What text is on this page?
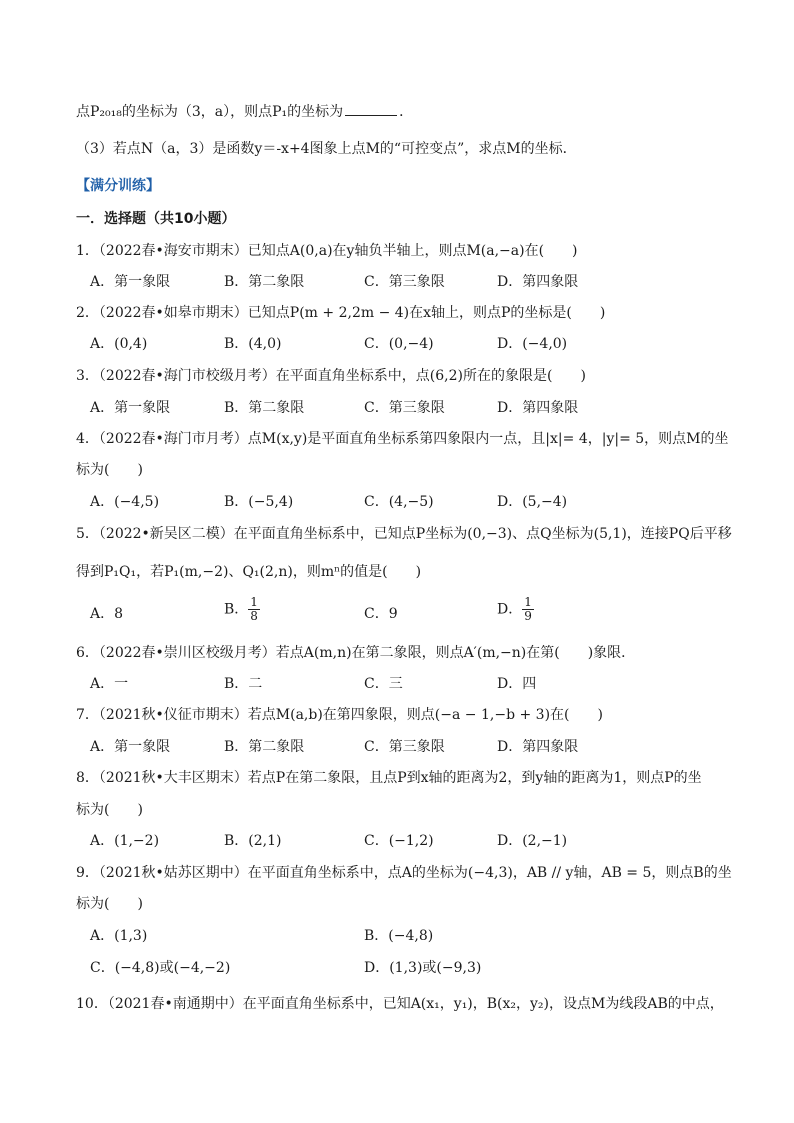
点P₂₀₁₈的坐标为（3，a），则点P₁的坐标为	．
（3）若点N（a，3）是函数y＝-x+4图象上点M的“可控变点”，求点M的坐标．
【满分训练】
一．选择题（共10小题）
1．（2022春•海安市期末）已知点A(0,a)在y轴负半轴上，则点M(a,−a)在(　　)
A．第一象限	B．第二象限	C．第三象限	D．第四象限
2．（2022春•如皋市期末）已知点P(m + 2,2m − 4)在x轴上，则点P的坐标是(　　)
A．(0,4)	B．(4,0)	C．(0,−4)	D．(−4,0)
3．（2022春•海门市校级月考）在平面直角坐标系中，点(6,2)所在的象限是(　　)
A．第一象限	B．第二象限	C．第三象限	D．第四象限
4．（2022春•海门市月考）点M(x,y)是平面直角坐标系第四象限内一点，且|x|= 4，|y|= 5，则点M的坐
标为(　　)
A．(−4,5)	B．(−5,4)	C．(4,−5)	D．(5,−4)
5．（2022•新吴区二模）在平面直角坐标系中，已知点P坐标为(0,−3)、点Q坐标为(5,1)，连接PQ后平移
得到P₁Q₁，若P₁(m,−2)、Q₁(2,n)，则mⁿ的值是(　　)
A．8	B． $\frac{1}{8}$	C．9	D． $\frac{1}{9}$
6．（2022春•崇川区校级月考）若点A(m,n)在第二象限，则点A′(m,−n)在第(　　)象限．
A．一	B．二	C．三	D．四
7．（2021秋•仪征市期末）若点M(a,b)在第四象限，则点(−a − 1,−b + 3)在(　　)
A．第一象限	B．第二象限	C．第三象限	D．第四象限
8．（2021秋•大丰区期末）若点P在第二象限，且点P到x轴的距离为2，到y轴的距离为1，则点P的坐
标为(　　)
A．(1,−2)	B．(2,1)	C．(−1,2)	D．(2,−1)
9．（2021秋•姑苏区期中）在平面直角坐标系中，点A的坐标为(−4,3)，AB // y轴，AB = 5，则点B的坐
标为(　　)
A．(1,3)	B．(−4,8)
C．(−4,8)或(−4,−2)	D．(1,3)或(−9,3)
10．（2021春•南通期中）在平面直角坐标系中，已知A(x₁，y₁)，B(x₂，y₂)，设点M为线段AB的中点，
